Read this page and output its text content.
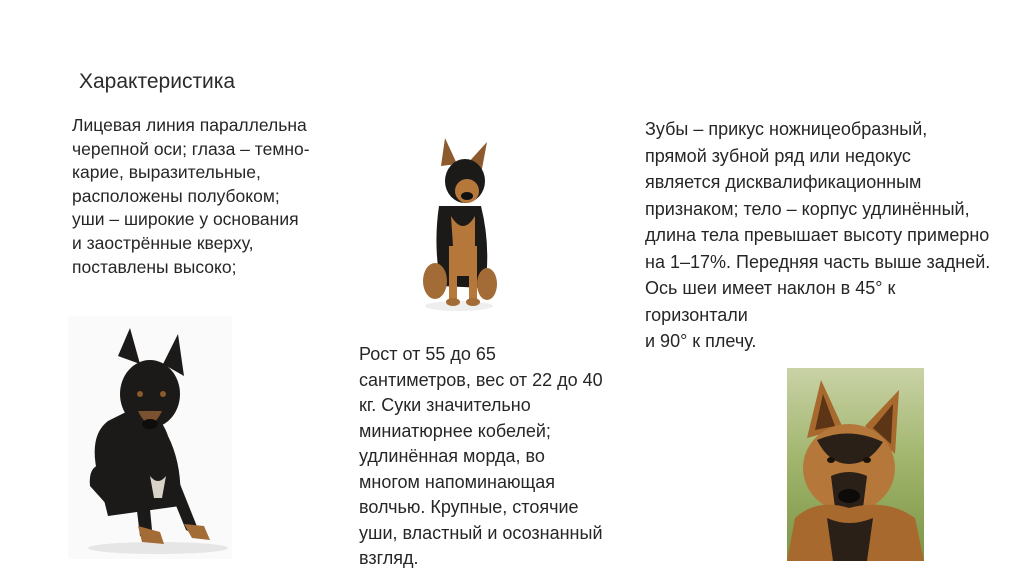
Характеристика
Лицевая линия параллельна
черепной оси; глаза – темно-
карие, выразительные,
расположены полубоком;
уши – широкие у основания
и заострённые кверху,
поставлены высоко;
Рост от 55 до 65
сантиметров, вес от 22 до 40
кг. Суки значительно
миниатюрнее кобелей;
удлинённая морда, во
многом напоминающая
волчью. Крупные, стоячие
уши, властный и осознанный
взгляд.
Зубы – прикус ножницеобразный,
прямой зубной ряд или недокус
является дисквалификационным
признаком; тело – корпус удлинённый,
длина тела превышает высоту примерно
на 1–17%. Передняя часть выше задней.
Ось шеи имеет наклон в 45° к
горизонтали
и 90° к плечу.
